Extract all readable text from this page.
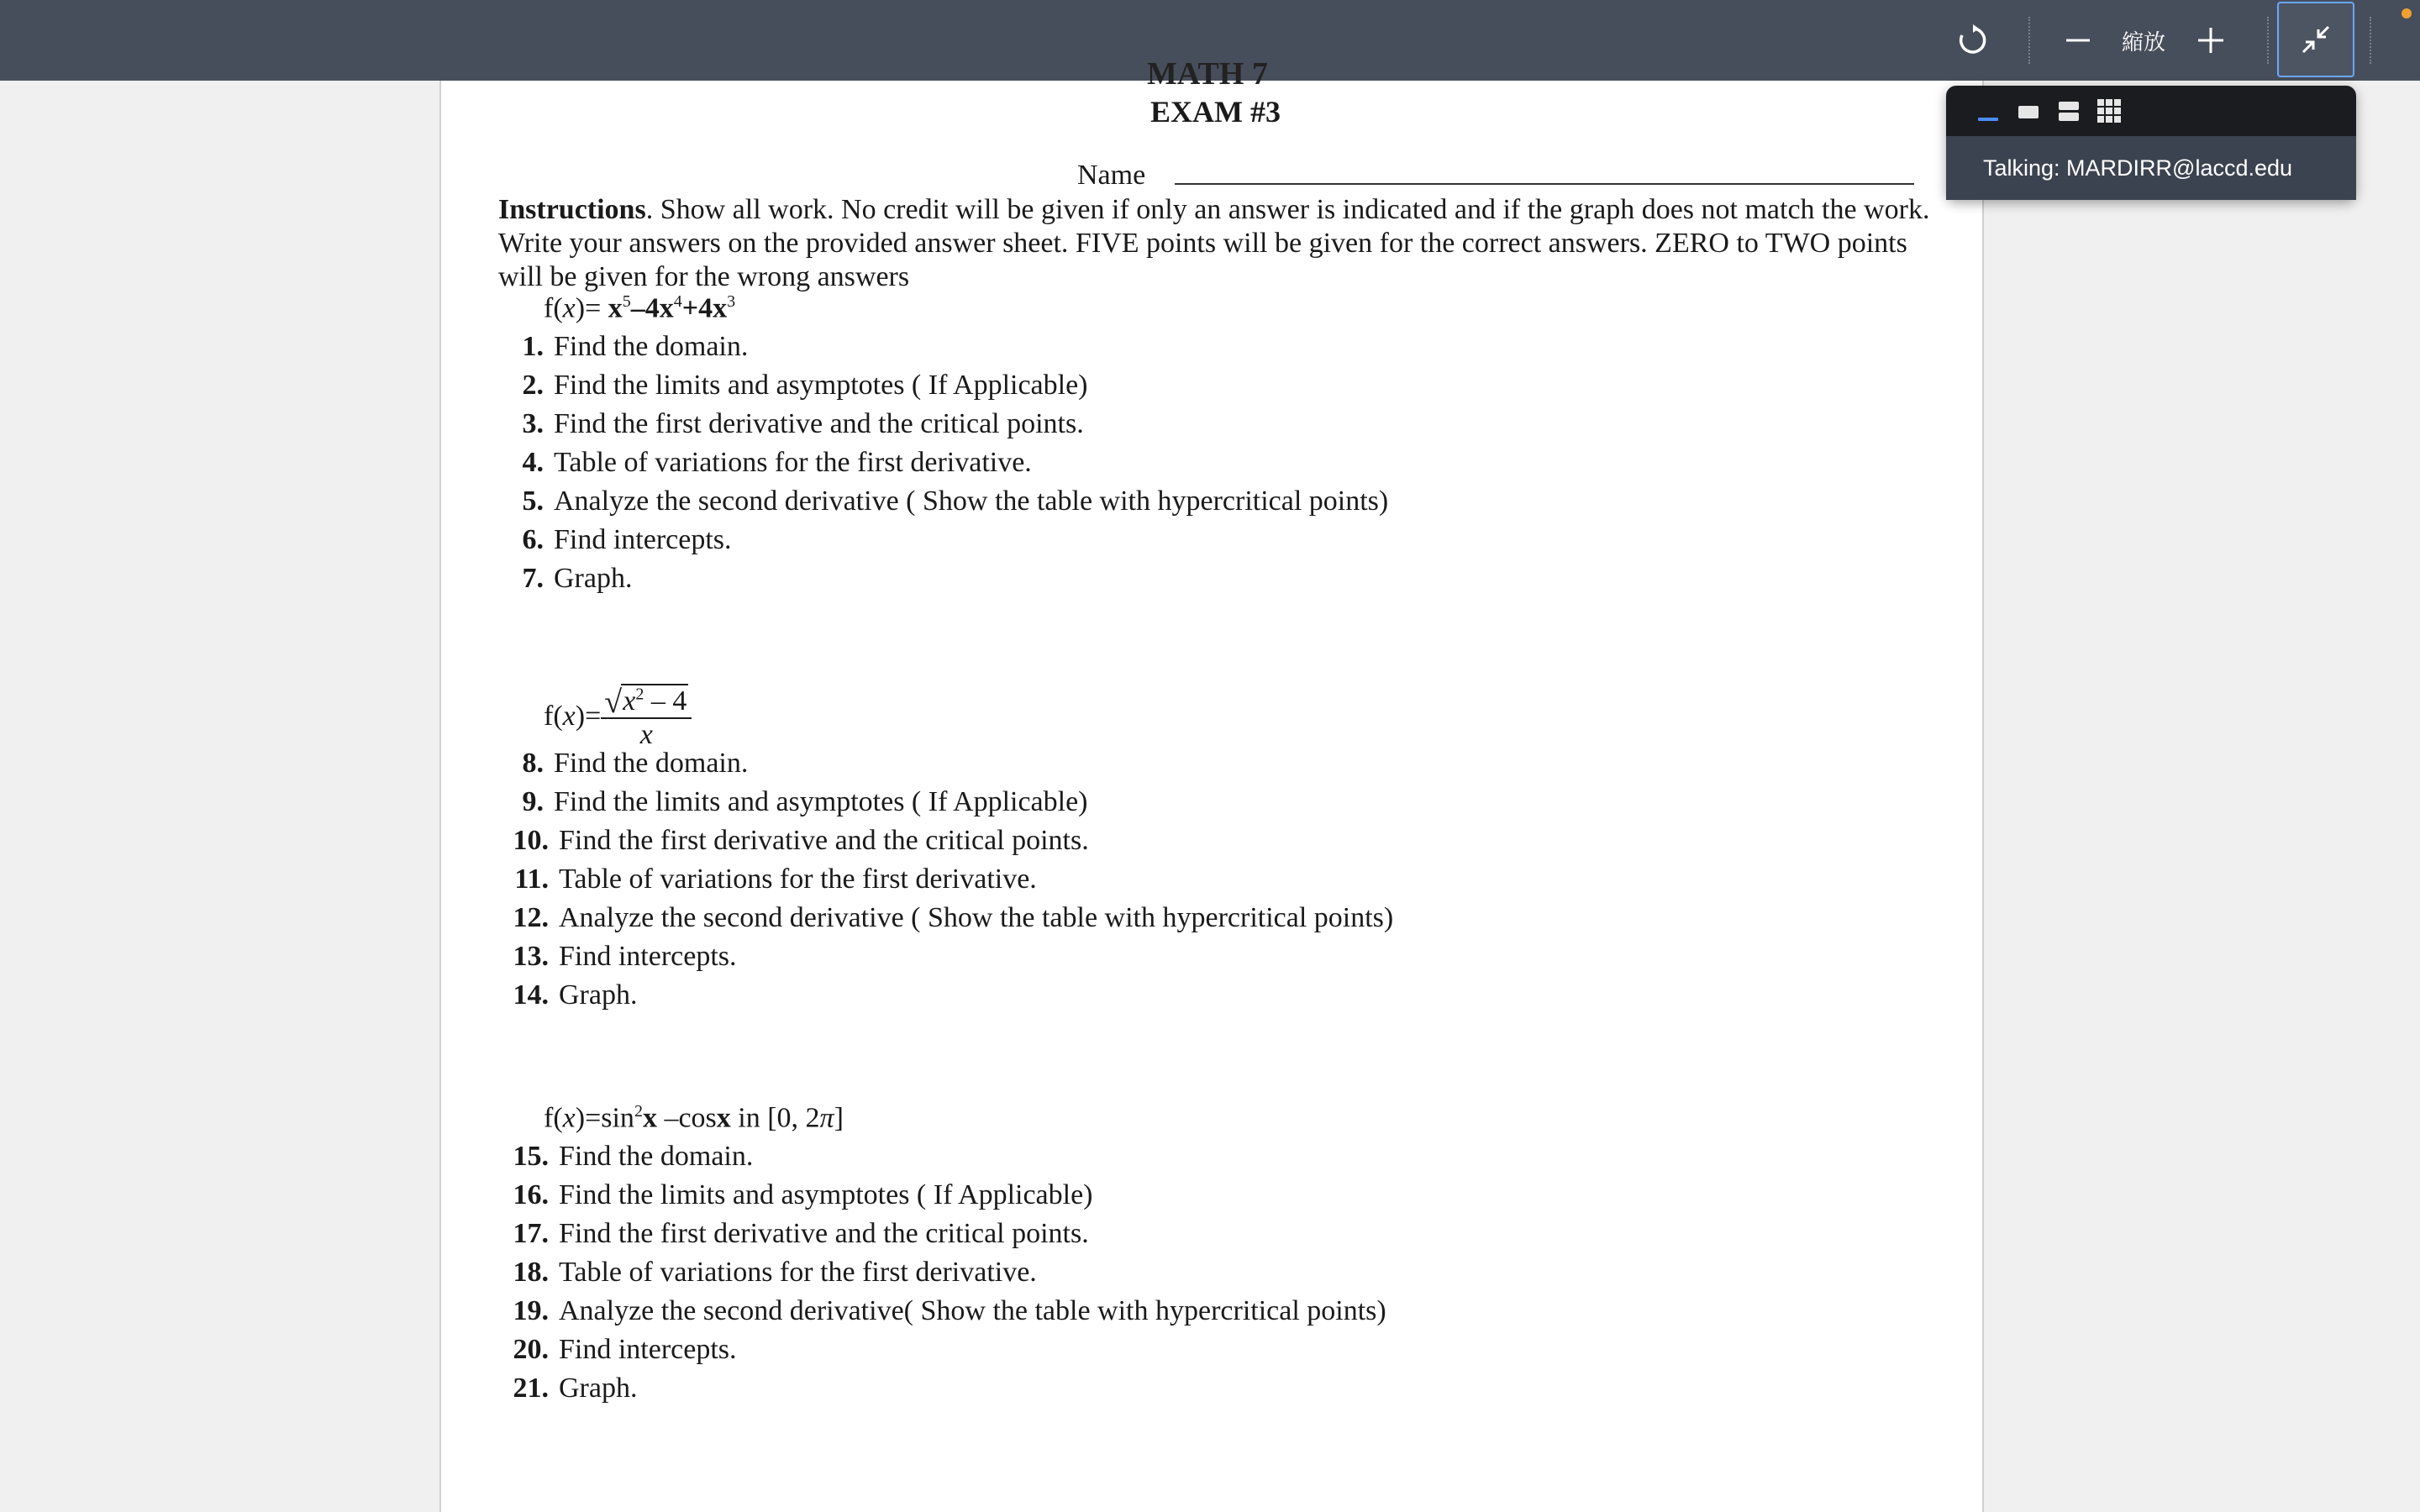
縮放
MATH 7
EXAM #3
Name
Instructions. Show all work. No credit will be given if only an answer is indicated and if the graph does not match the work. Write your answers on the provided answer sheet. FIVE points will be given for the correct answers. ZERO to TWO points will be given for the wrong answers
$f(x)= x^5-4x^4+4x^3$
1. Find the domain.
2. Find the limits and asymptotes ( If Applicable)
3. Find the first derivative and the critical points.
4. Table of variations for the first derivative.
5. Analyze the second derivative ( Show the table with hypercritical points)
6. Find intercepts.
7. Graph.
$f(x)= \frac{√ x^2 - 4}{x}$
8. Find the domain.
9. Find the limits and asymptotes ( If Applicable)
10. Find the first derivative and the critical points.
11. Table of variations for the first derivative.
12. Analyze the second derivative ( Show the table with hypercritical points)
13. Find intercepts.
14. Graph.
$f(x)=\sin^2x$ –cosx in [0, 2π]
15. Find the domain.
16. Find the limits and asymptotes ( If Applicable)
17. Find the first derivative and the critical points.
18. Table of variations for the first derivative.
19. Analyze the second derivative( Show the table with hypercritical points)
20. Find intercepts.
21. Graph.
Talking: MARDIRR@laccd.edu
